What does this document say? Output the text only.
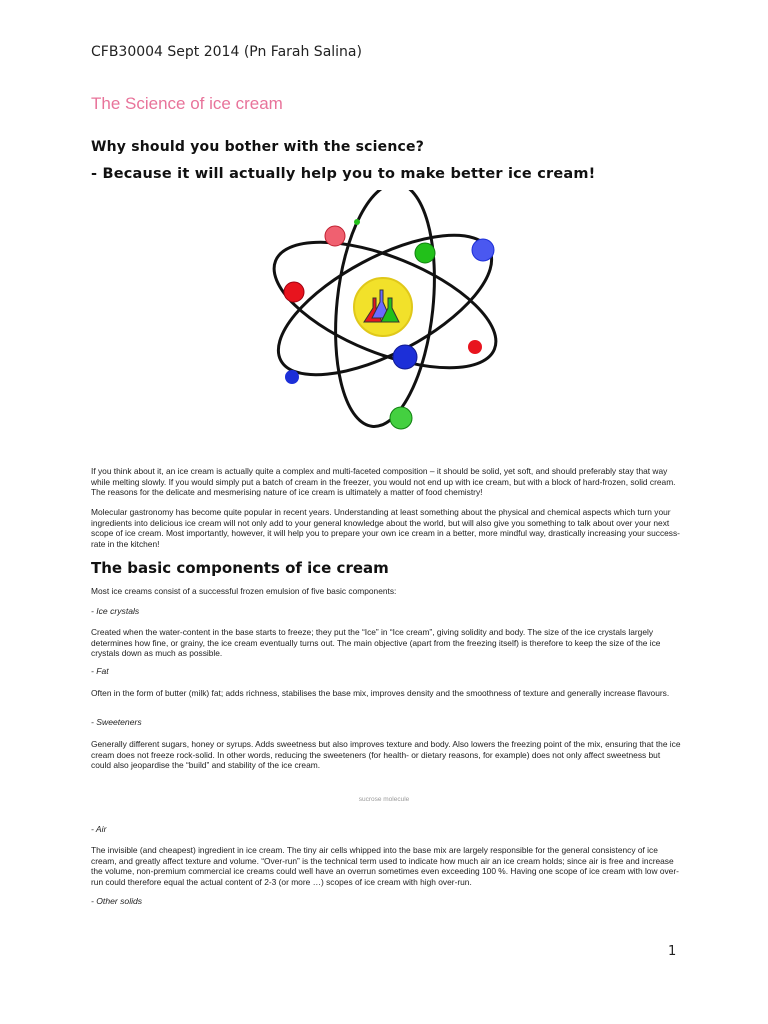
CFB30004 Sept 2014 (Pn Farah Salina)
The Science of ice cream
Why should you bother with the science?
- Because it will actually help you to make better ice cream!
If you think about it, an ice cream is actually quite a complex and multi-faceted composition – it should be solid, yet soft, and should preferably stay that way while melting slowly. If you would simply put a batch of cream in the freezer, you would not end up with ice cream, but with a block of hard-frozen, solid cream. The reasons for the delicate and mesmerising nature of ice cream is ultimately a matter of food chemistry!
Molecular gastronomy has become quite popular in recent years. Understanding at least something about the physical and chemical aspects which turn your ingredients into delicious ice cream will not only add to your general knowledge about the world, but will also give you something to talk about over your next scope of ice cream. Most importantly, however, it will help you to prepare your own ice cream in a better, more mindful way, drastically increasing your success-rate in the kitchen!
The basic components of ice cream
Most ice creams consist of a successful frozen emulsion of five basic components:
- Ice crystals
Created when the water-content in the base starts to freeze; they put the “Ice” in “Ice cream”, giving solidity and body. The size of the ice crystals largely determines how fine, or grainy, the ice cream eventually turns out. The main objective (apart from the freezing itself) is therefore to keep the size of the ice crystals down as much as possible.
- Fat
Often in the form of butter (milk) fat; adds richness, stabilises the base mix, improves density and the smoothness of texture and generally increase flavours.
- Sweeteners
Generally different sugars, honey or syrups. Adds sweetness but also improves texture and body. Also lowers the freezing point of the mix, ensuring that the ice cream does not freeze rock-solid. In other words, reducing the sweeteners (for health- or dietary reasons, for example) does not only affect sweetness but could also jeopardise the “build” and stability of the ice cream.
sucrose molecule
- Air
The invisible (and cheapest) ingredient in ice cream. The tiny air cells whipped into the base mix are largely responsible for the general consistency of ice cream, and greatly affect texture and volume. “Over-run” is the technical term used to indicate how much air an ice cream holds; since air is free and increase the volume, non-premium commercial ice creams could well have an overrun sometimes even exceeding 100 %. Having one scope of ice cream with low over-run could therefore equal the actual content of 2-3 (or more …) scopes of ice cream with high over-run.
- Other solids
1
